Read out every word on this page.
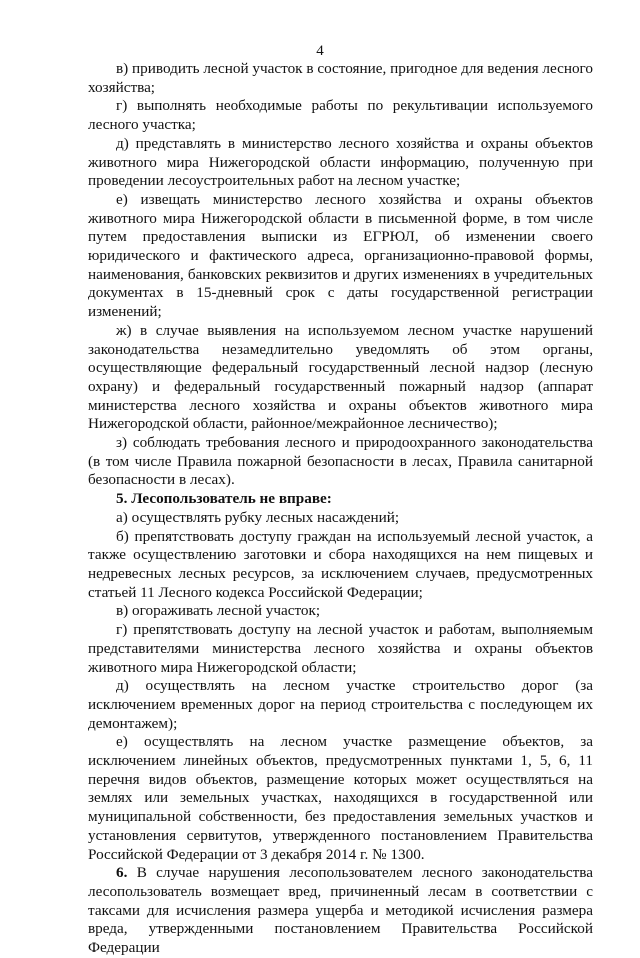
4

в) приводить лесной участок в состояние, пригодное для ведения лесного хозяйства;

г) выполнять необходимые работы по рекультивации используемого лесного участка;

д) представлять в министерство лесного хозяйства и охраны объектов животного мира Нижегородской области информацию, полученную при проведении лесоустроительных работ на лесном участке;

е) извещать министерство лесного хозяйства и охраны объектов животного мира Нижегородской области в письменной форме, в том числе путем предоставления выписки из ЕГРЮЛ, об изменении своего юридического и фактического адреса, организационно-правовой формы, наименования, банковских реквизитов и других изменениях в учредительных документах в 15-дневный срок с даты государственной регистрации изменений;

ж) в случае выявления на используемом лесном участке нарушений законодательства незамедлительно уведомлять об этом органы, осуществляющие федеральный государственный лесной надзор (лесную охрану) и федеральный государственный пожарный надзор (аппарат министерства лесного хозяйства и охраны объектов животного мира Нижегородской области, районное/межрайонное лесничество);

з) соблюдать требования лесного и природоохранного законодательства (в том числе Правила пожарной безопасности в лесах, Правила санитарной безопасности в лесах).

5. Лесопользователь не вправе:

а) осуществлять рубку лесных насаждений;

б) препятствовать доступу граждан на используемый лесной участок, а также осуществлению заготовки и сбора находящихся на нем пищевых и недревесных лесных ресурсов, за исключением случаев, предусмотренных статьей 11 Лесного кодекса Российской Федерации;

в) огораживать лесной участок;

г) препятствовать доступу на лесной участок и работам, выполняемым представителями министерства лесного хозяйства и охраны объектов животного мира Нижегородской области;

д) осуществлять на лесном участке строительство дорог (за исключением временных дорог на период строительства с последующем их демонтажем);

е) осуществлять на лесном участке размещение объектов, за исключением линейных объектов, предусмотренных пунктами 1, 5, 6, 11 перечня видов объектов, размещение которых может осуществляться на землях или земельных участках, находящихся в государственной или муниципальной собственности, без предоставления земельных участков и установления сервитутов, утвержденного постановлением Правительства Российской Федерации от 3 декабря 2014 г. № 1300.

6. В случае нарушения лесопользователем лесного законодательства лесопользователь возмещает вред, причиненный лесам в соответствии с таксами для исчисления размера ущерба и методикой исчисления размера вреда, утвержденными постановлением Правительства Российской Федерации
